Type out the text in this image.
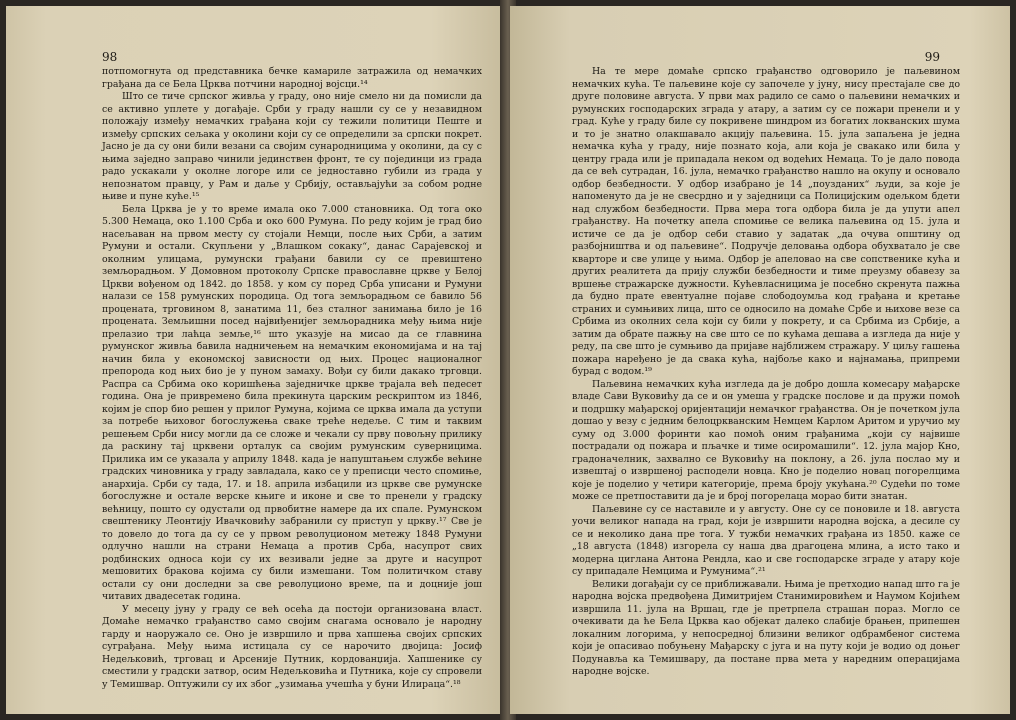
98

потпомогнута од представника бечке камариле затражила од немачких грађана да се Бела Црква потчини народној војсци.¹⁴

Што се тиче српског живља у граду, оно није смело ни да помисли да се активно уплете у догађаје. Срби у граду нашли су се у незавидном положају између немачких грађана који су тежили политици Пеште и између српских сељака у околини који су се определили за српски покрет. Јасно је да су они били везани са својим сународницима у околини, да су с њима заједно заправо чинили јединствен фронт, те су појединци из града радо ускакали у околне логоре или се једноставно губили из града у непознатом правцу, у Рам и даље у Србију, остављајући за собом родне њиве и пуне куће.¹⁵

Бела Црква је у то време имала око 7.000 становника. Од тога око 5.300 Немаца, око 1.100 Срба и око 600 Румуна. По реду којим је град био насељаван на првом месту су стојали Немци, после њих Срби, а затим Румуни и остали. Скупљени у „Влашком сокаку“, данас Сарајевској и околним улицама, румунски грађани бавили су се превиштено земљорадњом. У Домовном протоколу Српске православне цркве у Белој Цркви вођеном од 1842. до 1858. у ком су поред Срба уписани и Румуни налази се 158 румунских породица. Од тога земљорадњом се бавило 56 процената, трговином 8, занатима 11, без сталног занимања било је 16 процената. Земљишни посед највиђенијег земљорадника међу њима није прелазио три лаћца земље,¹⁶ што указује на мисао да се главнина румунског живља бавила надничењем на немачким економијама и на тај начин била у економској зависности од њих. Процес националног препорода код њих био је у пуном замаху. Вођи су били дакако трговци. Распра са Србима око коришћења заједничке цркве трајала већ педесет година. Она је привремено била прекинута царским рескриптом из 1846, којим је спор био решен у прилог Румуна, којима се црква имала да уступи за потребе њиховог богослужења сваке треће недеље. С тим и таквим решењем Срби нису могли да се сложе и чекали су прву повољну прилику да раскину тај црквени орталук са својим румунским суверницима. Прилика им се указала у априлу 1848. када је напуштањем службе већине градских чиновника у граду завладала, како се у преписци често спомиње, анархија. Срби су тада, 17. и 18. априла избацили из цркве све румунске богослужне и остале верске књиге и иконе и све то пренели у градску већницу, пошто су одустали од првобитне намере да их спале. Румунском свештенику Леонтију Ивачковићу забранили су приступ у цркву.¹⁷ Све је то довело до тога да су се у првом револуционом метежу 1848 Румуни одлучно нашли на страни Немаца а против Срба, насупрот свих родбинских односа који су их везивали једне за друге и насупрот мешовитих бракова којима су били измешани. Том политичком ставу остали су они доследни за све револуционо време, па и доцније још читавих двадесетак година.

У месецу јуну у граду се већ осећа да постоји организована власт. Домаће немачко грађанство само својим снагама основало је народну гарду и наоружало се. Оно је извршило и прва хапшења својих српских суграђана. Међу њима истицала су се нарочито двојица: Јосиф Недељковић, трговац и Арсеније Путник, кордованџија. Хапшенике су сместили у градски затвор, осим Недељковића и Путника, које су спровели у Темишвар. Оптужили су их због „узимања учешћа у буни Илираца“.¹⁸

99

На те мере домаће српско грађанство одговорило је паљевином немачких кућа. Те паљевине које су започеле у јуну, нису престајале све до друге половине августа. У први мах радило се само о паљевини немачких и румунских господарских зграда у атару, а затим су се пожари пренели и у град. Куће у граду биле су покривене шиндром из богатих локванских шума и то је знатно олакшавало акцију паљевина. 15. јула запаљена је једна немачка кућа у граду, није познато која, али која је свакако или била у центру града или је припадала неком од водећих Немаца. То је дало повода да се већ сутрадан, 16. јула, немачко грађанство нашло на окупу и основало одбор безбедности. У одбор изабрано је 14 „поузданих“ људи, за које је напоменуто да је не свесрдно и у заједници са Полицијским одељком бдети над службом безбедности. Прва мера тога одбора била је да упути апел грађанству. На почетку апела спомиње се велика паљевина од 15. јула и истиче се да је одбор себи ставио у задатак „да очува општину од разбојништва и од паљевине“. Подручје деловања одбора обухватало је све кварторе и све улице у њима. Одбор је апеловао на све сопственике кућа и других реалитета да прију служби безбедности и тиме преузму обавезу за вршење стражарске дужности. Кућевласницима је посебно скренута пажња да будно прате евентуалне појаве слободоумља код грађана и кретање страних и сумњивих лица, што се односило на домаће Србе и њихове везе са Србима из околних села који су били у покрету, и са Србима из Србије, а затим да обрате пажњу на све што се по кућама дешава а изгледа да није у реду, па све што је сумњиво да пријаве најближем стражару. У циљу гашења пожара наређено је да свака кућа, најбоље како и најнамања, припреми бурад с водом.¹⁹

Паљевина немачких кућа изгледа да је добро дошла комесару мађарске владе Сави Вуковићу да се и он умеша у градске послове и да пружи помоћ и подршку мађарској оријентацији немачког грађанства. Он је почетком јула дошао у везу с једним белоцркванским Немцем Карлом Аритом и уручио му суму од 3.000 форинти као помоћ оним грађанима „који су највише пострадали од пожара и пљачке и тиме осиромашили“. 12. јула мајор Кно, градоначелник, захвално се Вуковићу на поклону, а 26. јула послао му и извештај о извршеној расподели новца. Кно је поделио новац погорелцима које је поделио у четири категорије, према броју укућана.²⁰ Судећи по томе може се претпоставити да је и број погорелаца морао бити знатан.

Паљевине су се наставиле и у августу. Оне су се поновиле и 18. августа уочи великог напада на град, који је извршити народна војска, а десиле су се и неколико дана пре тога. У тужби немачких грађана из 1850. каже се „18 августа (1848) изгорела су наша два драгоцена млина, а исто тако и модерна циглана Антона Рендла, као и све господарске зграде у атару које су припадале Немцима и Румунима“.²¹

Велики догађаји су се приближавали. Њима је претходио напад што га је народна војска предвођена Димитријем Станимировићем и Наумом Којићем извршила 11. јула на Вршац, где је претрпела страшан пораз. Могло се очекивати да ће Бела Црква као објекат далеко слабије брањен, припешен локалним логорима, у непосредној близини великог одбрамбеног система који је опасивао побуњену Мађарску с југа и на путу који је водио од доњег Подунавља ка Темишвару, да постане прва мета у наредним операцијама народне војске.
